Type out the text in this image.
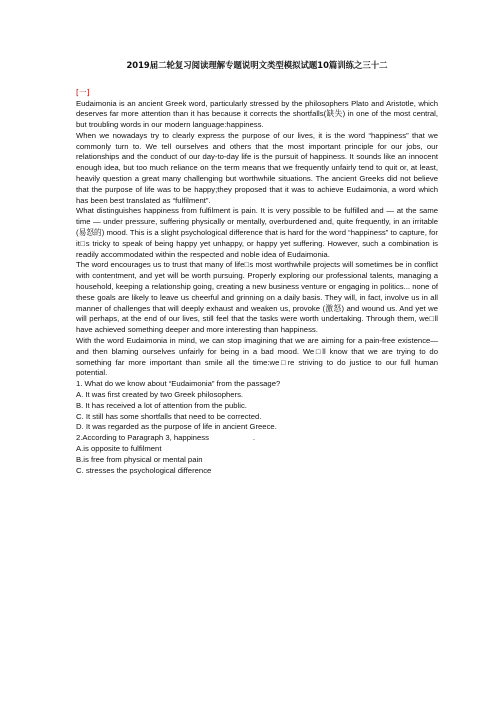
2019届二轮复习阅读理解专题说明文类型模拟试题10篇训练之三十二
[一]

Eudaimonia is an ancient Greek word, particularly stressed by the philosophers Plato and Aristotle, which deserves far more attention than it has because it corrects the shortfalls(缺失) in one of the most central, but troubling words in our modern language:happiness.

When we nowadays try to clearly express the purpose of our lives, it is the word “happiness” that we commonly turn to. We tell ourselves and others that the most important principle for our jobs, our relationships and the conduct of our day-to-day life is the pursuit of happiness. It sounds like an innocent enough idea, but too much reliance on the term means that we frequently unfairly tend to quit or, at least, heavily question a great many challenging but worthwhile situations. The ancient Greeks did not believe that the purpose of life was to be happy;they proposed that it was to achieve Eudaimonia, a word which has been best translated as “fulfilment”.

What distinguishes happiness from fulfilment is pain. It is very possible to be fulfilled and — at the same time — under pressure, suffering physically or mentally, overburdened and, quite frequently, in an irritable (易怒的) mood. This is a slight psychological difference that is hard for the word “happiness” to capture, for it□s tricky to speak of being happy yet unhappy, or happy yet suffering. However, such a combination is readily accommodated within the respected and noble idea of Eudaimonia.

The word encourages us to trust that many of life□s most worthwhile projects will sometimes be in conflict with contentment, and yet will be worth pursuing. Properly exploring our professional talents, managing a household, keeping a relationship going, creating a new business venture or engaging in politics... none of these goals are likely to leave us cheerful and grinning on a daily basis. They will, in fact, involve us in all manner of challenges that will deeply exhaust and weaken us, provoke (激怒) and wound us. And yet we will perhaps, at the end of our lives, still feel that the tasks were worth undertaking. Through them, we□ll have achieved something deeper and more interesting than happiness.

With the word Eudaimonia in mind, we can stop imagining that we are aiming for a pain-free existence—and then blaming ourselves unfairly for being in a bad mood. We□ll know that we are trying to do something far more important than smile all the time:we□re striving to do justice to our full human potential.

1. What do we know about “Eudaimonia” from the passage?

A. It was first created by two Greek philosophers.

B. It has received a lot of attention from the public.

C. It still has some shortfalls that need to be corrected.

D. It was regarded as the purpose of life in ancient Greece.

2.According to Paragraph 3, happiness	.

A.is opposite to fulfilment

B.is free from physical or mental pain

C. stresses the psychological difference
